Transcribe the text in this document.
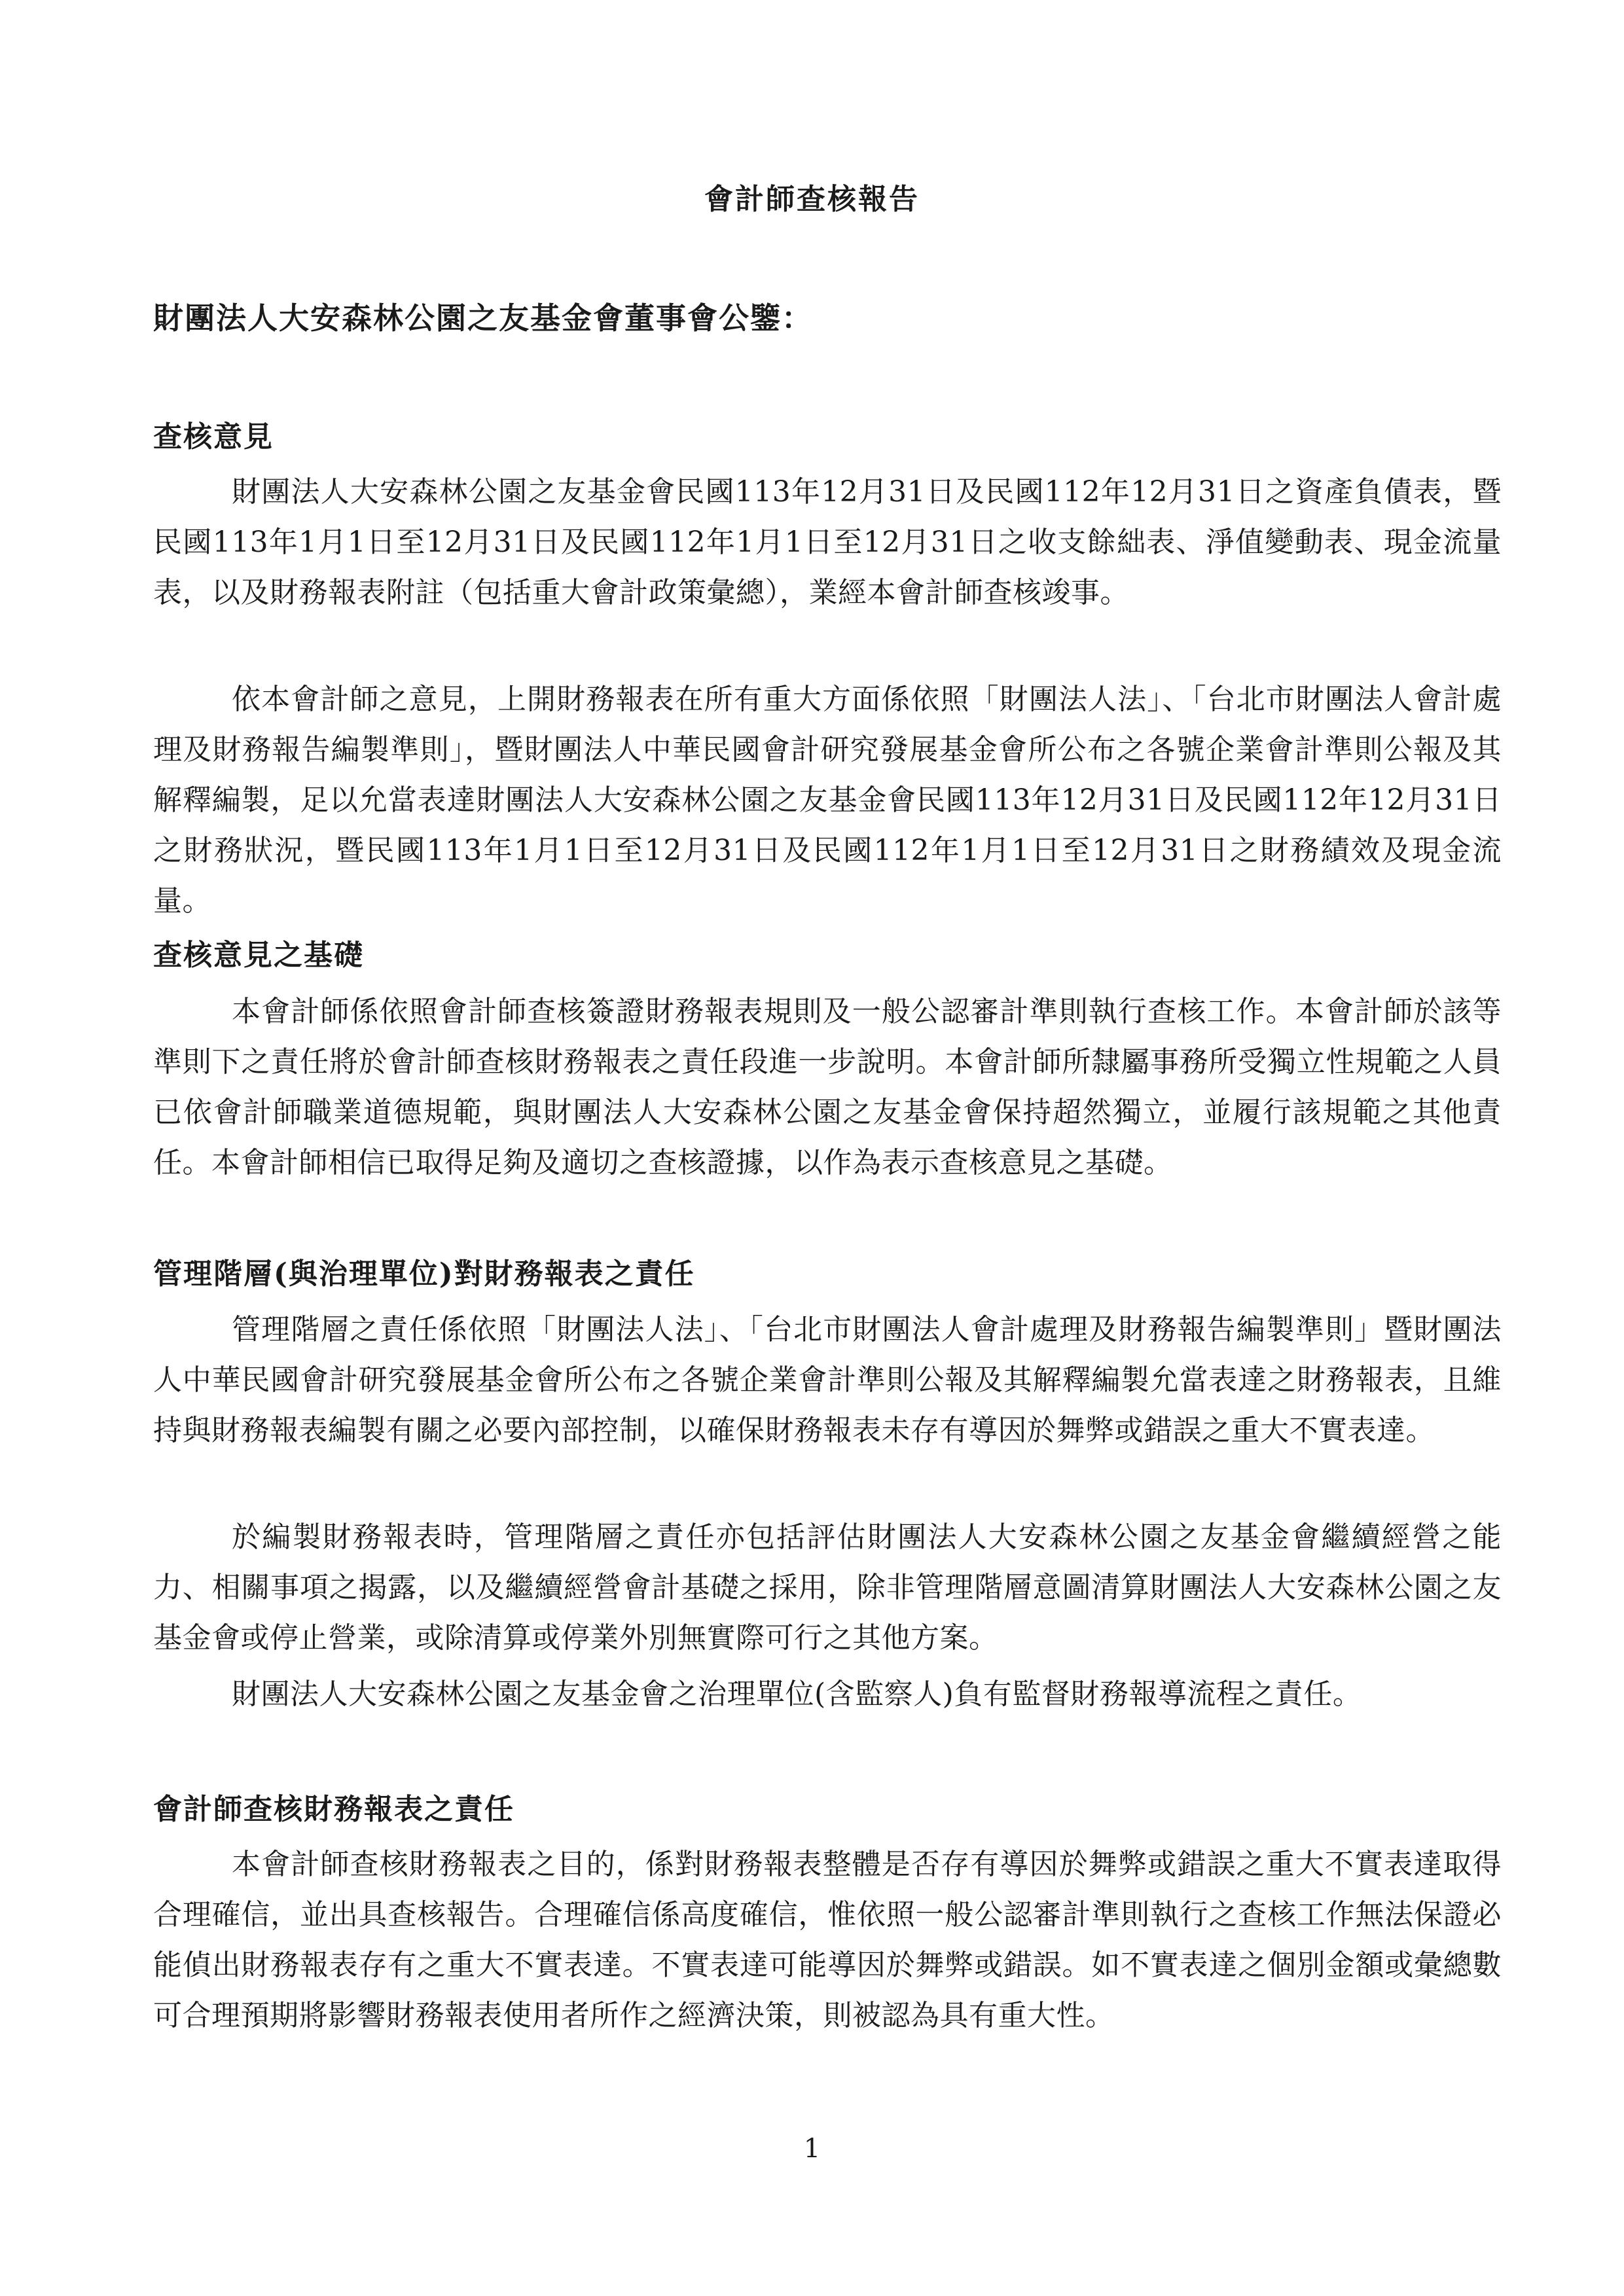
會計師查核報告
財團法人大安森林公園之友基金會董事會公鑒：
查核意見

財團法人大安森林公園之友基金會民國113年12月31日及民國112年12月31日之資產負債表，暨民國113年1月1日至12月31日及民國112年1月1日至12月31日之收支餘絀表、淨值變動表、現金流量表，以及財務報表附註（包括重大會計政策彙總），業經本會計師查核竣事。

依本會計師之意見，上開財務報表在所有重大方面係依照「財團法人法」、「台北市財團法人會計處理及財務報告編製準則」，暨財團法人中華民國會計研究發展基金會所公布之各號企業會計準則公報及其解釋編製，足以允當表達財團法人大安森林公園之友基金會民國113年12月31日及民國112年12月31日之財務狀況，暨民國113年1月1日至12月31日及民國112年1月1日至12月31日之財務績效及現金流量。

查核意見之基礎

本會計師係依照會計師查核簽證財務報表規則及一般公認審計準則執行查核工作。本會計師於該等準則下之責任將於會計師查核財務報表之責任段進一步說明。本會計師所隸屬事務所受獨立性規範之人員已依會計師職業道德規範，與財團法人大安森林公園之友基金會保持超然獨立，並履行該規範之其他責任。本會計師相信已取得足夠及適切之查核證據，以作為表示查核意見之基礎。

管理階層(與治理單位)對財務報表之責任

管理階層之責任係依照「財團法人法」、「台北市財團法人會計處理及財務報告編製準則」暨財團法人中華民國會計研究發展基金會所公布之各號企業會計準則公報及其解釋編製允當表達之財務報表，且維持與財務報表編製有關之必要內部控制，以確保財務報表未存有導因於舞弊或錯誤之重大不實表達。

於編製財務報表時，管理階層之責任亦包括評估財團法人大安森林公園之友基金會繼續經營之能力、相關事項之揭露，以及繼續經營會計基礎之採用，除非管理階層意圖清算財團法人大安森林公園之友基金會或停止營業，或除清算或停業外別無實際可行之其他方案。

財團法人大安森林公園之友基金會之治理單位(含監察人)負有監督財務報導流程之責任。

會計師查核財務報表之責任

本會計師查核財務報表之目的，係對財務報表整體是否存有導因於舞弊或錯誤之重大不實表達取得合理確信，並出具查核報告。合理確信係高度確信，惟依照一般公認審計準則執行之查核工作無法保證必能偵出財務報表存有之重大不實表達。不實表達可能導因於舞弊或錯誤。如不實表達之個別金額或彙總數可合理預期將影響財務報表使用者所作之經濟決策，則被認為具有重大性。

1
